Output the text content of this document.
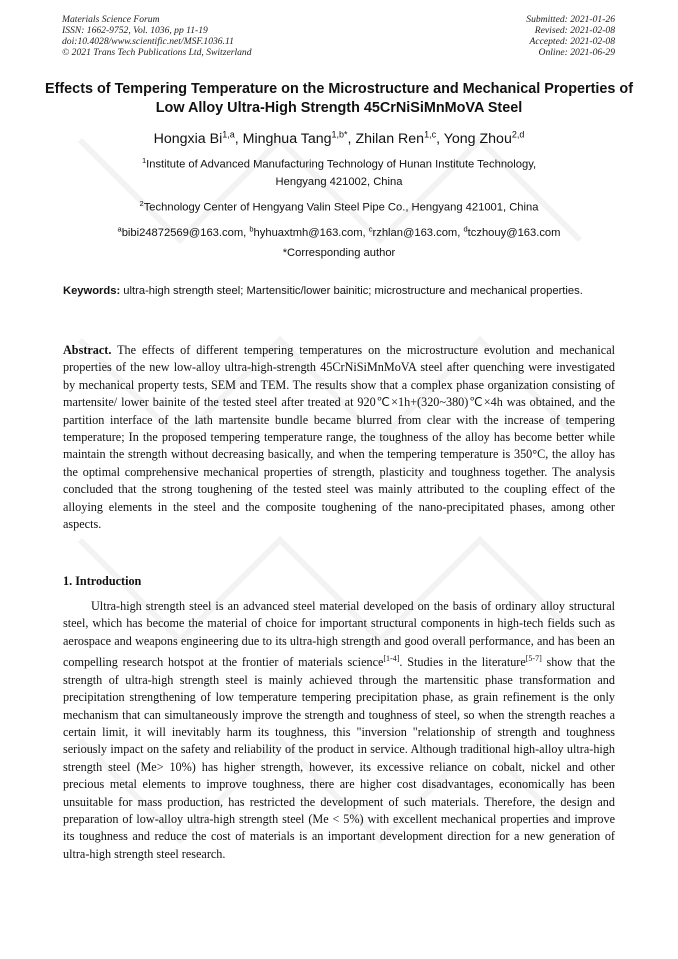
Materials Science Forum
ISSN: 1662-9752, Vol. 1036, pp 11-19
doi:10.4028/www.scientific.net/MSF.1036.11
© 2021 Trans Tech Publications Ltd, Switzerland
Submitted: 2021-01-26
Revised: 2021-02-08
Accepted: 2021-02-08
Online: 2021-06-29
Effects of Tempering Temperature on the Microstructure and Mechanical Properties of Low Alloy Ultra-High Strength 45CrNiSiMnMoVA Steel
Hongxia Bi$^{1,a}$, Minghua Tang$^{1,b*}$, Zhilan Ren$^{1,c}$, Yong Zhou$^{2,d}$
$^1$Institute of Advanced Manufacturing Technology of Hunan Institute Technology,
Hengyang 421002, China
$^2$Technology Center of Hengyang Valin Steel Pipe Co., Hengyang 421001, China
$^a$bibi24872569@163.com, $^b$hyhuaxtmh@163.com, $^c$rzhlan@163.com, $^d$tczhouy@163.com
*Corresponding author
Keywords: ultra-high strength steel; Martensitic/lower bainitic; microstructure and mechanical properties.
Abstract. The effects of different tempering temperatures on the microstructure evolution and mechanical properties of the new low-alloy ultra-high-strength 45CrNiSiMnMoVA steel after quenching were investigated by mechanical property tests, SEM and TEM. The results show that a complex phase organization consisting of martensite/ lower bainite of the tested steel after treated at 920℃×1h+(320~380)℃×4h was obtained, and the partition interface of the lath martensite bundle became blurred from clear with the increase of tempering temperature; In the proposed tempering temperature range, the toughness of the alloy has become better while maintain the strength without decreasing basically, and when the tempering temperature is 350°C, the alloy has the optimal comprehensive mechanical properties of strength, plasticity and toughness together. The analysis concluded that the strong toughening of the tested steel was mainly attributed to the coupling effect of the alloying elements in the steel and the composite toughening of the nano-precipitated phases, among other aspects.
1. Introduction
Ultra-high strength steel is an advanced steel material developed on the basis of ordinary alloy structural steel, which has become the material of choice for important structural components in high-tech fields such as aerospace and weapons engineering due to its ultra-high strength and good overall performance, and has been an compelling research hotspot at the frontier of materials science[1-4]. Studies in the literature[5-7] show that the strength of ultra-high strength steel is mainly achieved through the martensitic phase transformation and precipitation strengthening of low temperature tempering precipitation phase, as grain refinement is the only mechanism that can simultaneously improve the strength and toughness of steel, so when the strength reaches a certain limit, it will inevitably harm its toughness, this "inversion "relationship of strength and toughness seriously impact on the safety and reliability of the product in service. Although traditional high-alloy ultra-high strength steel (Me> 10%) has higher strength, however, its excessive reliance on cobalt, nickel and other precious metal elements to improve toughness, there are higher cost disadvantages, economically has been unsuitable for mass production, has restricted the development of such materials. Therefore, the design and preparation of low-alloy ultra-high strength steel (Me < 5%) with excellent mechanical properties and improve its toughness and reduce the cost of materials is an important development direction for a new generation of ultra-high strength steel research.
